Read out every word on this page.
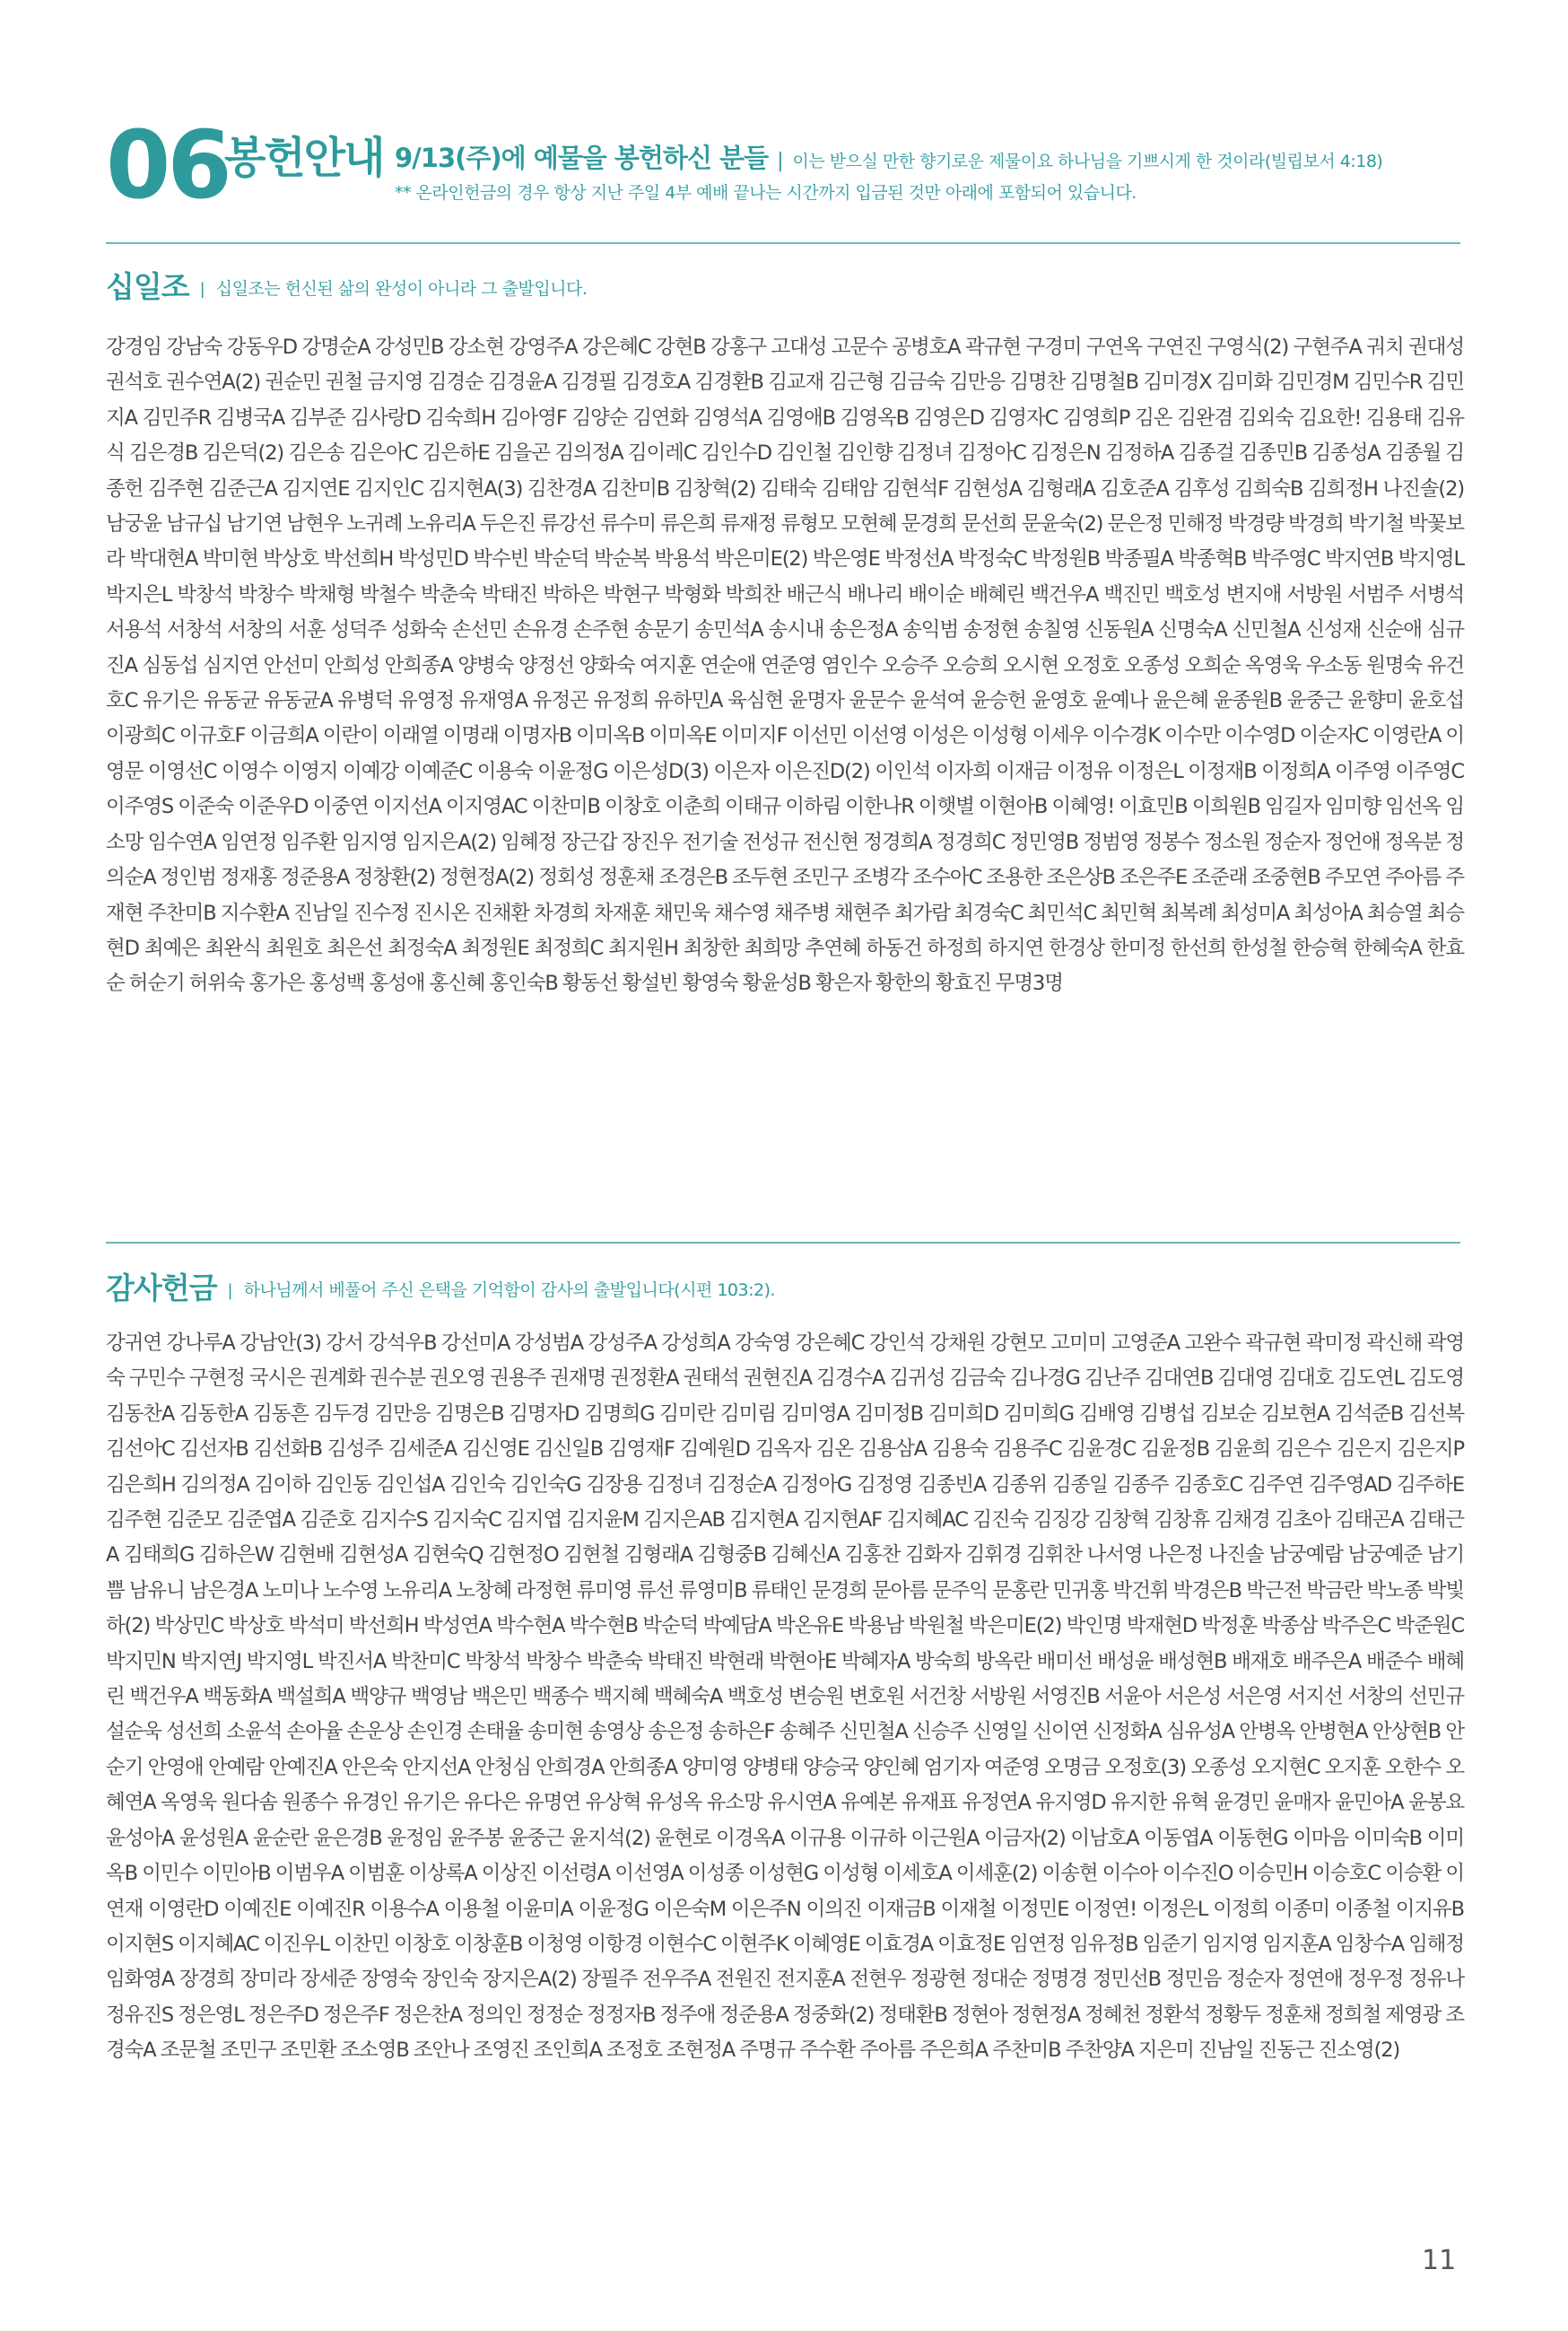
06
봉헌안내 9/13(주)에 예물을 봉헌하신 분들 | 이는 받으실 만한 향기로운 제물이요 하나님을 기쁘시게 한 것이라(빌립보서 4:18)
** 온라인헌금의 경우 항상 지난 주일 4부 예배 끝나는 시간까지 입금된 것만 아래에 포함되어 있습니다.
십일조 | 십일조는 헌신된 삶의 완성이 아니라 그 출발입니다.

강경임 강남숙 강동우D 강명순A 강성민B 강소현 강영주A 강은혜C 강현B 강홍구 고대성 고문수 공병호A 곽규현 구경미 구연옥 구연진 구영식(2) 구현주A 궈치 권대성 권석호 권수연A(2) 권순민 권철 금지영 김경순 김경윤A 김경필 김경호A 김경환B 김교재 김근형 김금숙 김만응 김명찬 김명철B 김미경X 김미화 김민경M 김민수R 김민지A 김민주R 김병국A 김부준 김사랑D 김숙희H 김아영F 김양순 김연화 김영석A 김영애B 김영옥B 김영은D 김영자C 김영희P 김온 김완겸 김외숙 김요한! 김용태 김유식 김은경B 김은덕(2) 김은송 김은아C 김은하E 김을곤 김의정A 김이레C 김인수D 김인철 김인향 김정녀 김정아C 김정은N 김정하A 김종걸 김종민B 김종성A 김종월 김종헌 김주현 김준근A 김지연E 김지인C 김지현A(3) 김찬경A 김찬미B 김창혁(2) 김태숙 김태암 김현석F 김현성A 김형래A 김호준A 김후성 김희숙B 김희정H 나진솔(2) 남궁윤 남규십 남기연 남현우 노귀례 노유리A 두은진 류강선 류수미 류은희 류재정 류형모 모현혜 문경희 문선희 문윤숙(2) 문은정 민해정 박경량 박경희 박기철 박꽃보라 박대현A 박미현 박상호 박선희H 박성민D 박수빈 박순덕 박순복 박용석 박은미E(2) 박은영E 박정선A 박정숙C 박정원B 박종필A 박종혁B 박주영C 박지연B 박지영L 박지은L 박창석 박창수 박채형 박철수 박춘숙 박태진 박하은 박현구 박형화 박희찬 배근식 배나리 배이순 배혜린 백건우A 백진민 백호성 변지애 서방원 서범주 서병석 서용석 서창석 서창의 서훈 성덕주 성화숙 손선민 손유경 손주현 송문기 송민석A 송시내 송은정A 송익범 송정현 송칠영 신동원A 신명숙A 신민철A 신성재 신순애 심규진A 심동섭 심지연 안선미 안희성 안희종A 양병숙 양정선 양화숙 여지훈 연순애 연준영 염인수 오승주 오승희 오시현 오정호 오종성 오희순 옥영욱 우소동 원명숙 유건호C 유기은 유동균 유동균A 유병덕 유영정 유재영A 유정곤 유정희 유하민A 육심현 윤명자 윤문수 윤석여 윤승헌 윤영호 윤예나 윤은혜 윤종원B 윤중근 윤향미 윤호섭 이광희C 이규호F 이금희A 이란이 이래열 이명래 이명자B 이미옥B 이미옥E 이미지F 이선민 이선영 이성은 이성형 이세우 이수경K 이수만 이수영D 이순자C 이영란A 이영문 이영선C 이영수 이영지 이예강 이예준C 이용숙 이윤정G 이은성D(3) 이은자 이은진D(2) 이인석 이자희 이재금 이정유 이정은L 이정재B 이정희A 이주영 이주영C 이주영S 이준숙 이준우D 이중연 이지선A 이지영AC 이찬미B 이창호 이춘희 이태규 이하림 이한나R 이햇별 이현아B 이혜영! 이효민B 이희원B 임길자 임미향 임선옥 임소망 임수연A 임연정 임주환 임지영 임지은A(2) 임혜정 장근갑 장진우 전기술 전성규 전신현 정경희A 정경희C 정민영B 정범영 정봉수 정소원 정순자 정언애 정옥분 정의순A 정인범 정재홍 정준용A 정창환(2) 정현정A(2) 정회성 정훈채 조경은B 조두현 조민구 조병각 조수아C 조용한 조은상B 조은주E 조준래 조중현B 주모연 주아름 주재현 주찬미B 지수환A 진남일 진수정 진시온 진채환 차경희 차재훈 채민욱 채수영 채주병 채현주 최가람 최경숙C 최민석C 최민혁 최복례 최성미A 최성아A 최승열 최승현D 최예은 최완식 최원호 최은선 최정숙A 최정원E 최정희C 최지원H 최창한 최희망 추연혜 하동건 하정희 하지연 한경상 한미정 한선희 한성철 한승혁 한혜숙A 한효순 허순기 허위숙 홍가은 홍성백 홍성애 홍신혜 홍인숙B 황동선 황설빈 황영숙 황윤성B 황은자 황한의 황효진 무명3명

감사헌금 | 하나님께서 베풀어 주신 은택을 기억함이 감사의 출발입니다(시편 103:2).

강귀연 강나루A 강남안(3) 강서 강석우B 강선미A 강성범A 강성주A 강성희A 강숙영 강은혜C 강인석 강채원 강현모 고미미 고영준A 고완수 곽규현 곽미정 곽신해 곽영숙 구민수 구현정 국시은 권계화 권수분 권오영 권용주 권재명 권정환A 권태석 권현진A 김경수A 김귀성 김금숙 김나경G 김난주 김대연B 김대영 김대호 김도연L 김도영 김동찬A 김동한A 김동흔 김두경 김만응 김명은B 김명자D 김명희G 김미란 김미림 김미영A 김미정B 김미희D 김미희G 김배영 김병섭 김보순 김보현A 김석준B 김선복 김선아C 김선자B 김선화B 김성주 김세준A 김신영E 김신일B 김영재F 김예원D 김옥자 김온 김용삼A 김용숙 김용주C 김윤경C 김윤정B 김윤희 김은수 김은지 김은지P 김은희H 김의정A 김이하 김인동 김인섭A 김인숙 김인숙G 김장용 김정녀 김정순A 김정아G 김정영 김종빈A 김종위 김종일 김종주 김종호C 김주연 김주영AD 김주하E 김주현 김준모 김준엽A 김준호 김지수S 김지숙C 김지엽 김지윤M 김지은AB 김지현A 김지현AF 김지혜AC 김진숙 김징강 김창혁 김창휴 김채경 김초아 김태곤A 김태근A 김태희G 김하은W 김현배 김현성A 김현숙Q 김현정O 김현철 김형래A 김형중B 김혜신A 김홍찬 김화자 김휘경 김휘찬 나서영 나은정 나진솔 남궁예람 남궁예준 남기쁨 남유니 남은경A 노미나 노수영 노유리A 노창혜 라정현 류미영 류선 류영미B 류태인 문경희 문아름 문주익 문홍란 민귀홍 박건휘 박경은B 박근전 박금란 박노종 박빛하(2) 박상민C 박상호 박석미 박선희H 박성연A 박수현A 박수현B 박순덕 박예담A 박온유E 박용남 박원철 박은미E(2) 박인명 박재현D 박정훈 박종삼 박주은C 박준원C 박지민N 박지연J 박지영L 박진서A 박찬미C 박창석 박창수 박춘숙 박태진 박현래 박현아E 박혜자A 방숙희 방옥란 배미선 배성윤 배성현B 배재호 배주은A 배준수 배혜린 백건우A 백동화A 백설희A 백양규 백영남 백은민 백종수 백지혜 백혜숙A 백호성 변승원 변호원 서건창 서방원 서영진B 서윤아 서은성 서은영 서지선 서창의 선민규 설순욱 성선희 소윤석 손아율 손운상 손인경 손태율 송미현 송영상 송은정 송하은F 송혜주 신민철A 신승주 신영일 신이연 신정화A 심유성A 안병옥 안병현A 안상현B 안순기 안영애 안예람 안예진A 안은숙 안지선A 안청심 안희경A 안희종A 양미영 양병태 양승국 양인혜 엄기자 여준영 오명금 오정호(3) 오종성 오지현C 오지훈 오한수 오혜연A 옥영욱 원다솜 원종수 유경인 유기은 유다은 유명연 유상혁 유성옥 유소망 유시연A 유예본 유재표 유정연A 유지영D 유지한 유혁 윤경민 윤매자 윤민아A 윤봉요 윤성아A 윤성원A 윤순란 윤은경B 윤정임 윤주봉 윤중근 윤지석(2) 윤현로 이경옥A 이규용 이규하 이근원A 이금자(2) 이남호A 이동엽A 이동현G 이마음 이미숙B 이미옥B 이민수 이민아B 이범우A 이범훈 이상록A 이상진 이선령A 이선영A 이성종 이성현G 이성형 이세호A 이세훈(2) 이송현 이수아 이수진O 이승민H 이승호C 이승환 이연재 이영란D 이예진E 이예진R 이용수A 이용철 이윤미A 이윤정G 이은숙M 이은주N 이의진 이재금B 이재철 이정민E 이정연! 이정은L 이정희 이종미 이종철 이지유B 이지현S 이지혜AC 이진우L 이찬민 이창호 이창훈B 이청영 이항경 이현수C 이현주K 이혜영E 이효경A 이효정E 임연정 임유정B 임준기 임지영 임지훈A 임창수A 임해정 임화영A 장경희 장미라 장세준 장영숙 장인숙 장지은A(2) 장필주 전우주A 전원진 전지훈A 전현우 정광현 정대순 정명경 정민선B 정민음 정순자 정연애 정우정 정유나 정유진S 정은영L 정은주D 정은주F 정은찬A 정의인 정정순 정정자B 정주애 정준용A 정중화(2) 정태환B 정현아 정현정A 정혜천 정환석 정황두 정훈채 정희철 제영광 조경숙A 조문철 조민구 조민환 조소영B 조안나 조영진 조인희A 조정호 조현정A 주명규 주수환 주아름 주은희A 주찬미B 주찬양A 지은미 진남일 진동근 진소영(2)

11
